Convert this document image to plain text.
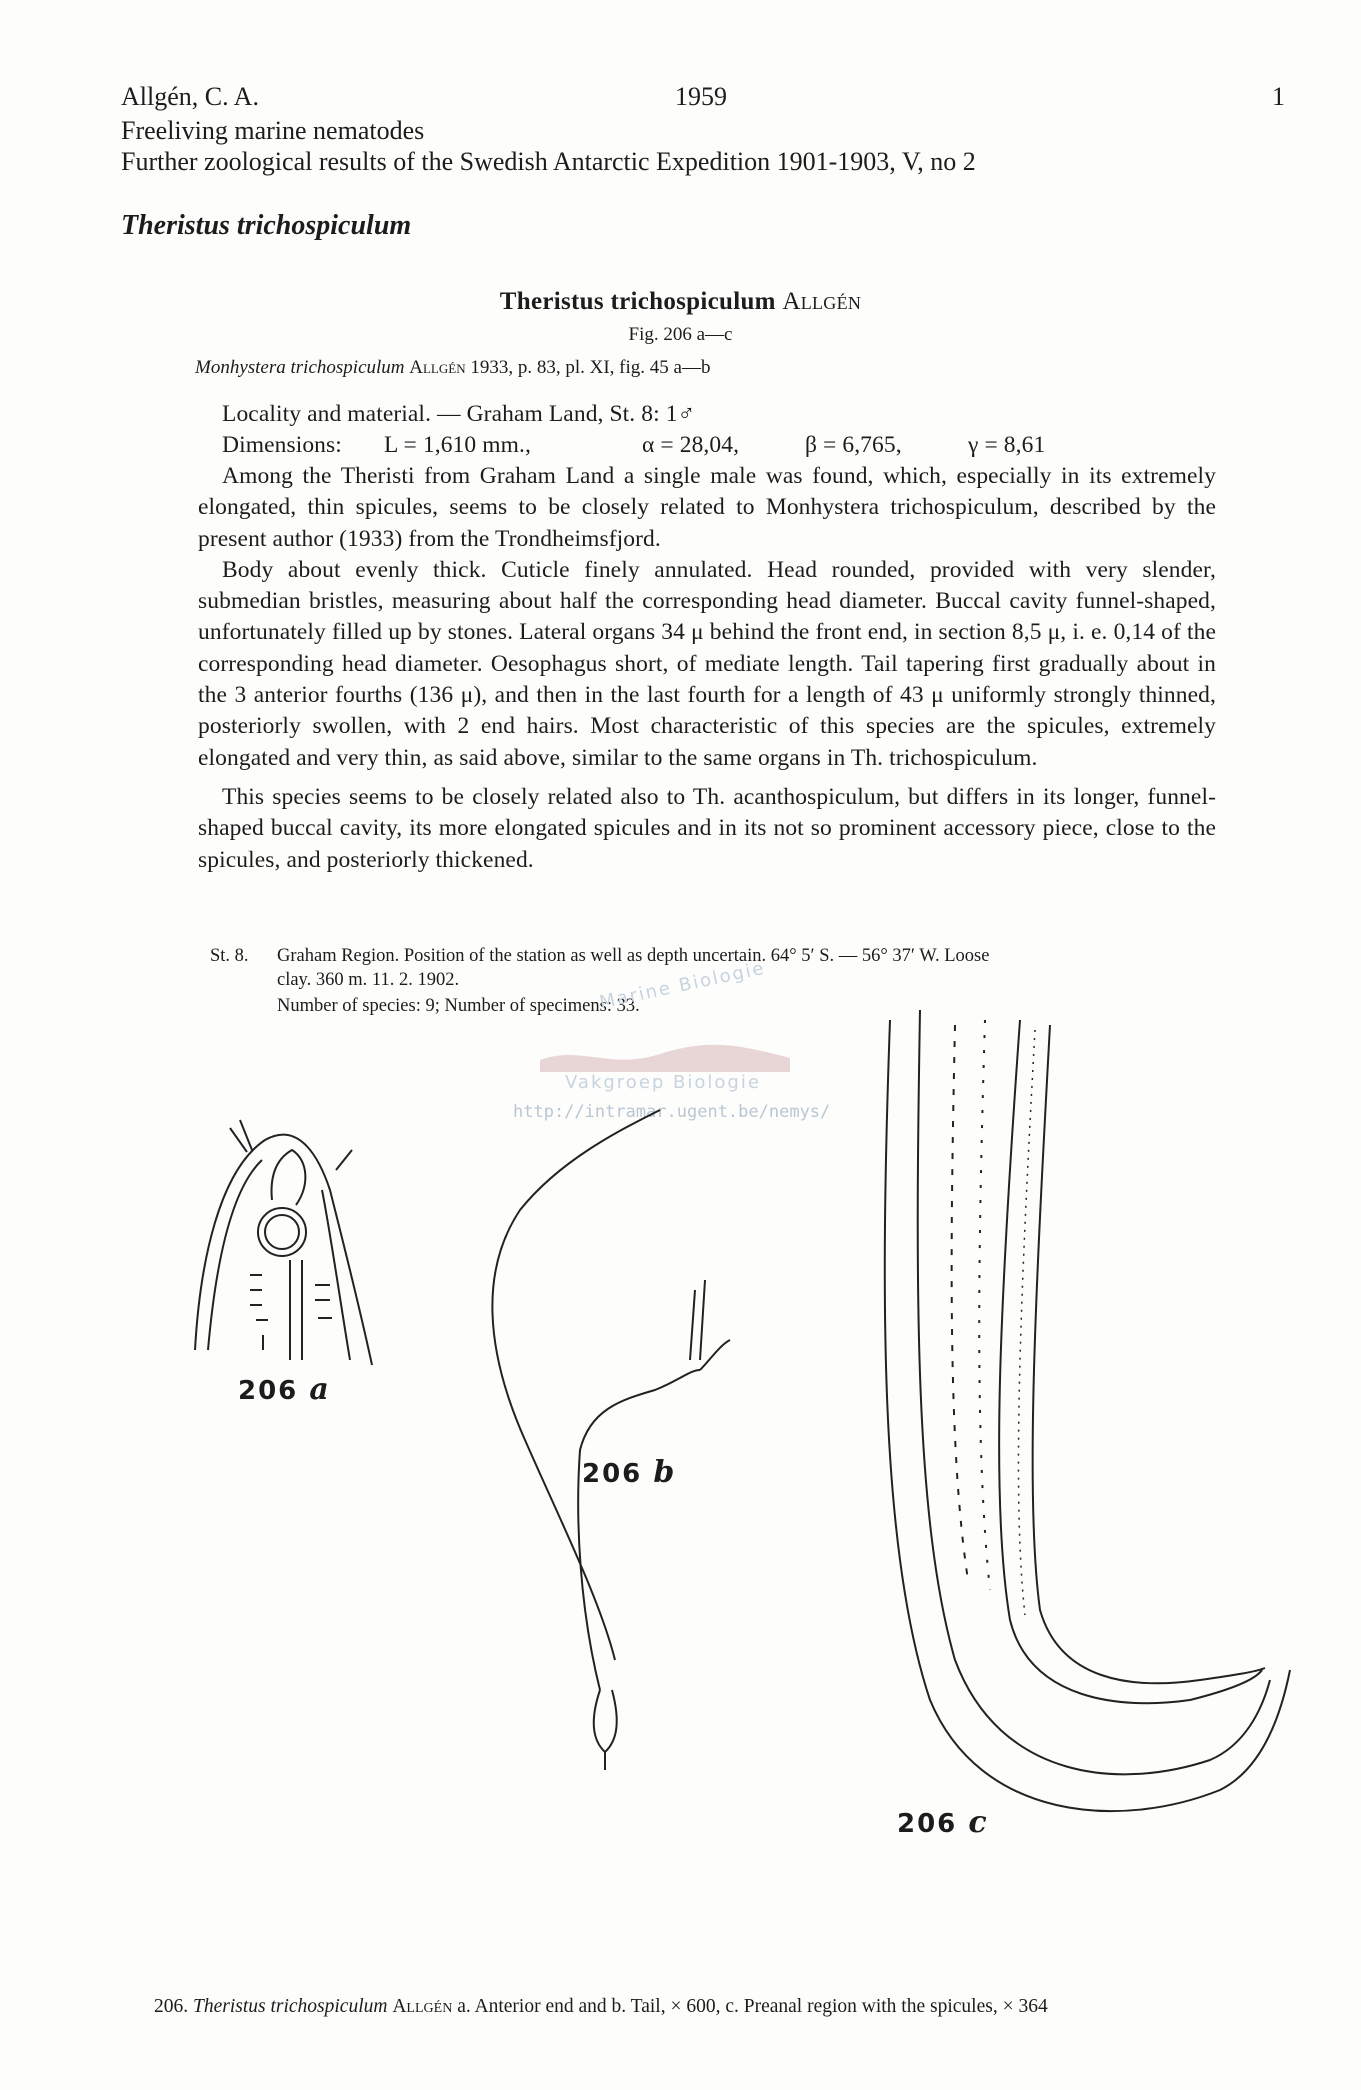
Allgén, C. A.	1959	1
Freeliving marine nematodes
Further zoological results of the Swedish Antarctic Expedition 1901-1903, V, no 2
Theristus trichospiculum
Theristus trichospiculum Allgén
Fig. 206 a—c
Monhystera trichospiculum Allgén 1933, p. 83, pl. XI, fig. 45 a—b
Locality and material. — Graham Land, St. 8: 1♂
Dimensions: L = 1,610 mm.,	α = 28,04,	β = 6,765,	γ = 8,61

Among the Theristi from Graham Land a single male was found, which, especially in its extremely elongated, thin spicules, seems to be closely related to Monhystera trichospiculum, described by the present author (1933) from the Trondheimsfjord.

Body about evenly thick. Cuticle finely annulated. Head rounded, provided with very slender, submedian bristles, measuring about half the corresponding head diameter. Buccal cavity funnel-shaped, unfortunately filled up by stones. Lateral organs 34 μ behind the front end, in section 8,5 μ, i. e. 0,14 of the corresponding head diameter. Oesophagus short, of mediate length. Tail tapering first gradually about in the 3 anterior fourths (136 μ), and then in the last fourth for a length of 43 μ uniformly strongly thinned, posteriorly swollen, with 2 end hairs. Most characteristic of this species are the spicules, extremely elongated and very thin, as said above, similar to the same organs in Th. trichospiculum.

This species seems to be closely related also to Th. acanthospiculum, but differs in its longer, funnel-shaped buccal cavity, its more elongated spicules and in its not so prominent accessory piece, close to the spicules, and posteriorly thickened.

St. 8.	Graham Region. Position of the station as well as depth uncertain. 64° 5′ S. — 56° 37′ W. Loose
clay. 360 m. 11. 2. 1902.
Number of species: 9; Number of specimens: 33.
Marine Biologie
Vakgroep Biologie
http://intramar.ugent.be/nemys/
206 a
206 b
206 c
206. Theristus trichospiculum Allgén a. Anterior end and b. Tail, × 600, c. Preanal region with the spicules, × 364
